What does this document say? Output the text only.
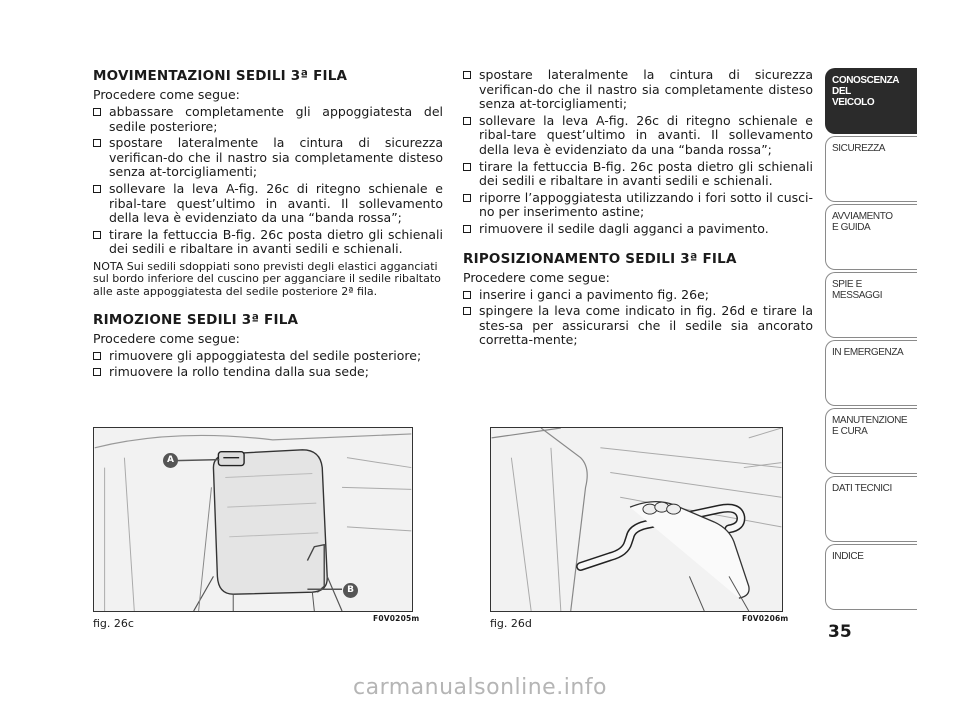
MOVIMENTAZIONI SEDILI 3ª FILA

Procedere come segue:

abbassare completamente gli appoggiatesta del sedile posteriore;
spostare lateralmente la cintura di sicurezza verifican-do che il nastro sia completamente disteso senza at-torcigliamenti;
sollevare la leva A-fig. 26c di ritegno schienale e ribal-tare quest’ultimo in avanti. Il sollevamento della leva è evidenziato da una “banda rossa”;
tirare la fettuccia B-fig. 26c posta dietro gli schienali dei sedili e ribaltare in avanti sedili e schienali.

NOTA Sui sedili sdoppiati sono previsti degli elastici agganciati sul bordo inferiore del cuscino per agganciare il sedile ribaltato alle aste appoggiatesta del sedile posteriore 2ª fila.

RIMOZIONE SEDILI 3ª FILA

Procedere come segue:

rimuovere gli appoggiatesta del sedile posteriore;
rimuovere la rollo tendina dalla sua sede;
spostare lateralmente la cintura di sicurezza verifican-do che il nastro sia completamente disteso senza at-torcigliamenti;
sollevare la leva A-fig. 26c di ritegno schienale e ribal-tare quest’ultimo in avanti. Il sollevamento della leva è evidenziato da una “banda rossa”;
tirare la fettuccia B-fig. 26c posta dietro gli schienali dei sedili e ribaltare in avanti sedili e schienali.
riporre l’appoggiatesta utilizzando i fori sotto il cusci-no per inserimento astine;
rimuovere il sedile dagli agganci a pavimento.
RIPOSIZIONAMENTO SEDILI 3ª FILA

Procedere come segue:

inserire i ganci a pavimento fig. 26e;
spingere la leva come indicato in fig. 26d e tirare la stes-sa per assicurarsi che il sedile sia ancorato corretta-mente;
A
B
fig. 26c	F0V0205m	fig. 26d	F0V0206m
CONOSCENZA
DEL
VEICOLO
SICUREZZA
AVVIAMENTO
E GUIDA
SPIE E
MESSAGGI
IN EMERGENZA
MANUTENZIONE
E CURA
DATI TECNICI
INDICE
35
carmanualsonline.info
